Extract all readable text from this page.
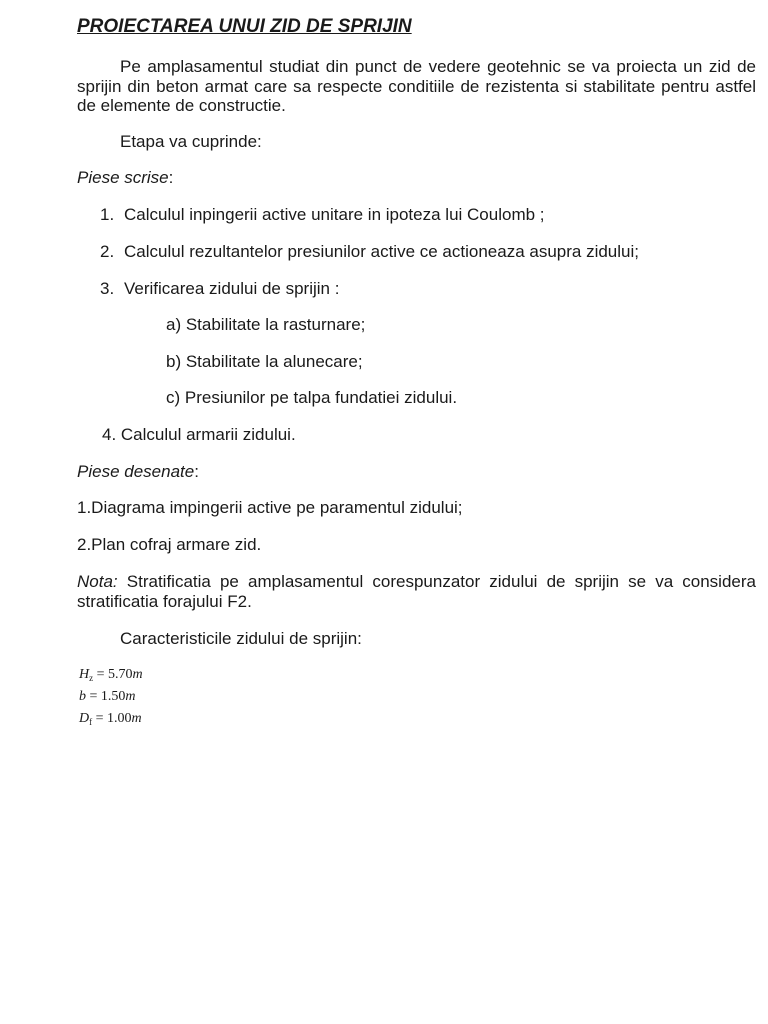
PROIECTAREA UNUI ZID DE SPRIJIN

Pe amplasamentul studiat din punct de vedere geotehnic se va proiecta un zid de sprijin din beton armat care sa respecte conditiile de rezistenta si stabilitate pentru astfel de elemente de constructie.

Etapa va cuprinde:

Piese scrise:

1. Calculul inpingerii active unitare in ipoteza lui Coulomb ;

2. Calculul rezultantelor presiunilor active ce actioneaza asupra zidului;

3. Verificarea zidului de sprijin :

a) Stabilitate la rasturnare;

b) Stabilitate la alunecare;

c) Presiunilor pe talpa fundatiei zidului.

4. Calculul armarii zidului.

Piese desenate:

1.Diagrama impingerii active pe paramentul zidului;

2.Plan cofraj armare zid.

Nota: Stratificatia pe amplasamentul corespunzator zidului de sprijin se va considera stratificatia forajului F2.

Caracteristicile zidului de sprijin:

$H_z = 5.70m$
b = 1.50m
$D_f = 1.00m$
